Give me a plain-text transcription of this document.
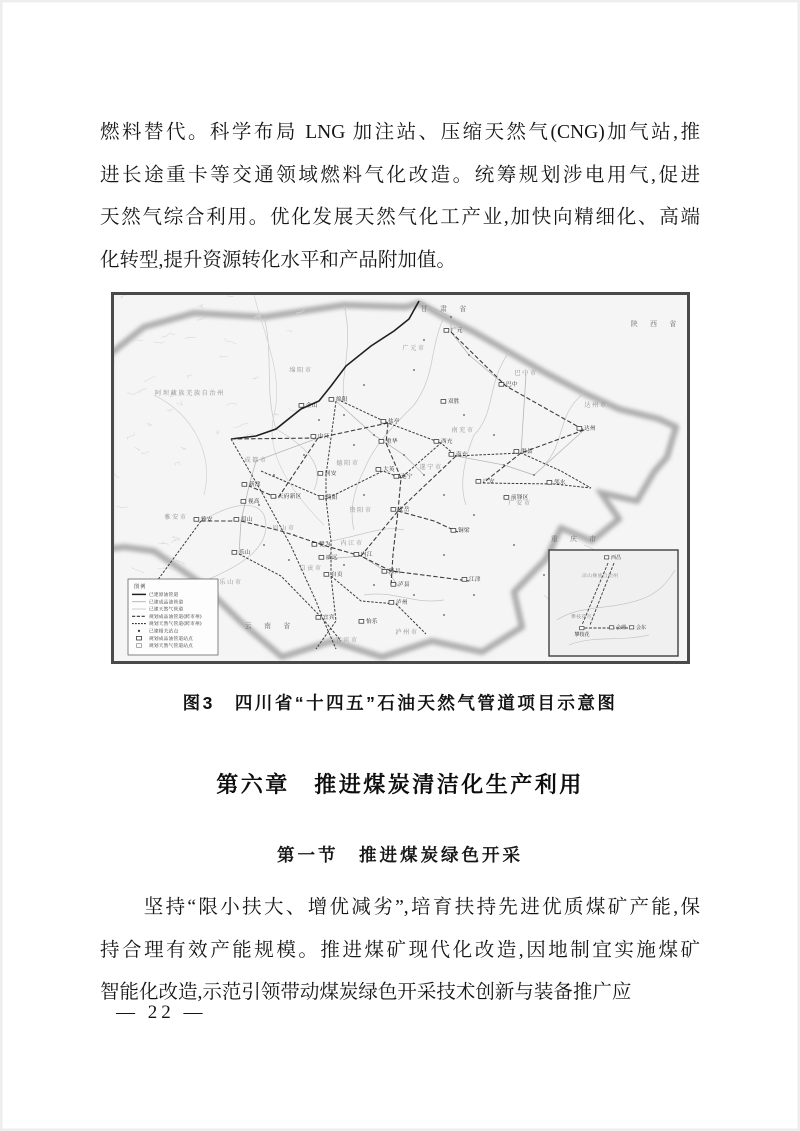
燃料替代。科学布局 LNG 加注站、压缩天然气(CNG)加气站,推
进长途重卡等交通领域燃料气化改造。统筹规划涉电用气,促进
天然气综合利用。优化发展天然气化工产业,加快向精细化、高端
化转型,提升资源转化水平和产品附加值。
广元
巴中
达州
绵阳
金山
中江
盐亭
重华
双胜
西充
南充	渠县
邻水
广安
前锋区
同安
简阳
天府新区
新津
视高
眉山
雅安
乐山
犍为
威远	内江
自贡	隆昌
泸县
泸州
怡乐
宜宾
大英
遂宁
安岳
铜梁
江津
甘 肃 省
陕 西 省
重 庆 市
云 南 省
阿坝藏族羌族自治州
广元市
绵阳市	巴中市
达州市
南充市
德阳市
成都市
遂宁市
资阳市
眉山市
雅安市
乐山市
内江市
自贡市
宜宾市
泸州市
广安市
凉山彝族自治州
攀枝花市
西昌
会理 会东
攀枝花
图例
已建原油管道
已建成品油管道
已建天然气管道
规划成品油管道(跨市州)
规划天然气管道(跨市州)
已建相关站点
规划成品油管道站点
规划天然气管道站点
图3　四川省“十四五”石油天然气管道项目示意图
第六章　推进煤炭清洁化生产利用
第一节　推进煤炭绿色开采
　　坚持“限小扶大、增优减劣”,培育扶持先进优质煤矿产能,保
持合理有效产能规模。推进煤矿现代化改造,因地制宜实施煤矿
智能化改造,示范引领带动煤炭绿色开采技术创新与装备推广应
— 22 —
